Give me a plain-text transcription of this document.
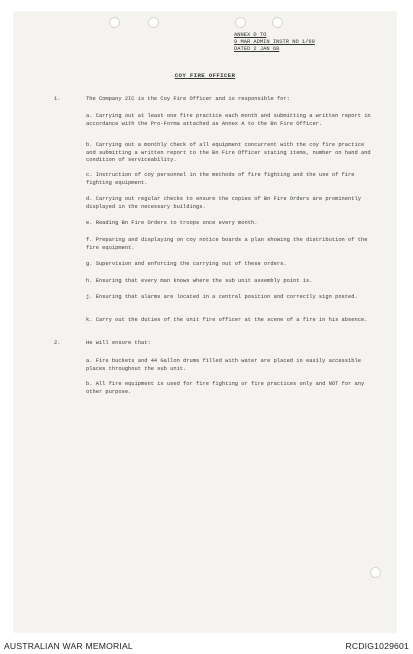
ANNEX D TO
9 MAR ADMIN INSTR NO 1/69
DATED 2 JAN 69
COY FIRE OFFICER
1.	The Company 2IC is the Coy Fire Officer and is responsible for:
a. Carrying out at least one fire practice each month and submitting a written report in accordance with the Pro-Forma attached as Annex A to the Bn Fire Officer.
b. Carrying out a monthly check of all equipment concurrent with the coy fire practice and submitting a written report to the Bn Fire Officer stating items, number on hand and condition of serviceability.
c. Instruction of coy personnel in the methods of fire fighting and the use of fire fighting equipment.
d. Carrying out regular checks to ensure the copies of Bn Fire Orders are prominently displayed in the necessary buildings.
e. Reading Bn Fire Orders to troops once every month.
f. Preparing and displaying on coy notice boards a plan showing the distribution of the fire equipment.
g. Supervision and enforcing the carrying out of these orders.
h. Ensuring that every man knows where the sub unit assembly point is.
j. Ensuring that alarms are located in a central position and correctly sign posted.
k. Carry out the duties of the unit fire officer at the scene of a fire in his absence.
2.	He will ensure that:
a. Fire buckets and 44 Gallon drums filled with water are placed in easily accessible places throughout the sub unit.
b. All fire equipment is used for fire fighting or fire practices only and NOT for any other purpose.
AUSTRALIAN WAR MEMORIAL	RCDIG1029601
